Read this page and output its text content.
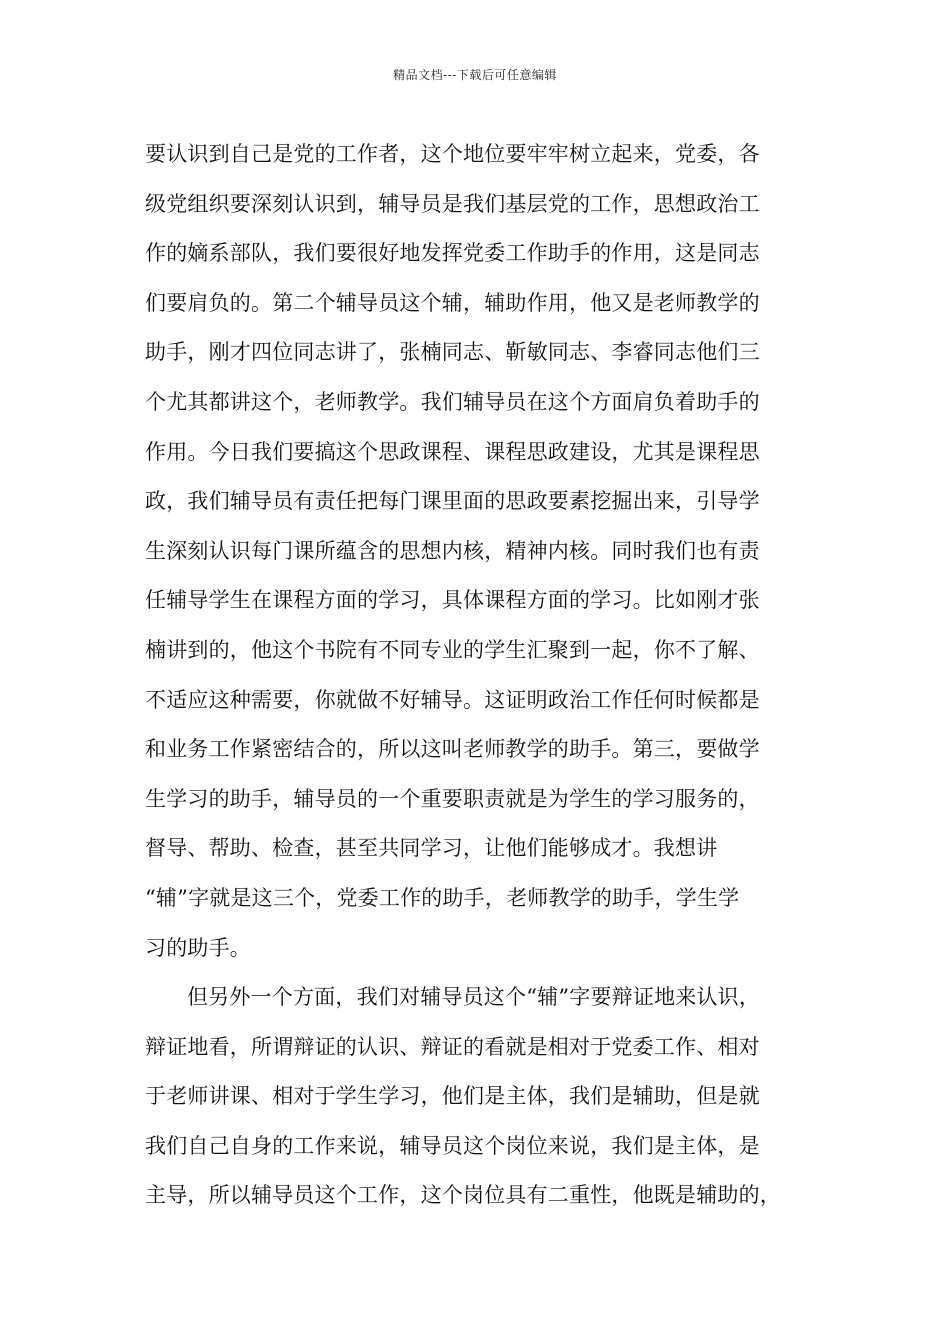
精品文档---下载后可任意编辑
要认识到自己是党的工作者，这个地位要牢牢树立起来，党委，各
级党组织要深刻认识到，辅导员是我们基层党的工作，思想政治工
作的嫡系部队，我们要很好地发挥党委工作助手的作用，这是同志
们要肩负的。第二个辅导员这个辅，辅助作用，他又是老师教学的
助手，刚才四位同志讲了，张楠同志、靳敏同志、李睿同志他们三
个尤其都讲这个，老师教学。我们辅导员在这个方面肩负着助手的
作用。今日我们要搞这个思政课程、课程思政建设，尤其是课程思
政，我们辅导员有责任把每门课里面的思政要素挖掘出来，引导学
生深刻认识每门课所蕴含的思想内核，精神内核。同时我们也有责
任辅导学生在课程方面的学习，具体课程方面的学习。比如刚才张
楠讲到的，他这个书院有不同专业的学生汇聚到一起，你不了解、
不适应这种需要，你就做不好辅导。这证明政治工作任何时候都是
和业务工作紧密结合的，所以这叫老师教学的助手。第三，要做学
生学习的助手，辅导员的一个重要职责就是为学生的学习服务的，
督导、帮助、检查，甚至共同学习，让他们能够成才。我想讲
“辅”字就是这三个，党委工作的助手，老师教学的助手，学生学
习的助手。
但另外一个方面，我们对辅导员这个“辅”字要辩证地来认识，
辩证地看，所谓辩证的认识、辩证的看就是相对于党委工作、相对
于老师讲课、相对于学生学习，他们是主体，我们是辅助，但是就
我们自己自身的工作来说，辅导员这个岗位来说，我们是主体，是
主导，所以辅导员这个工作，这个岗位具有二重性，他既是辅助的，
